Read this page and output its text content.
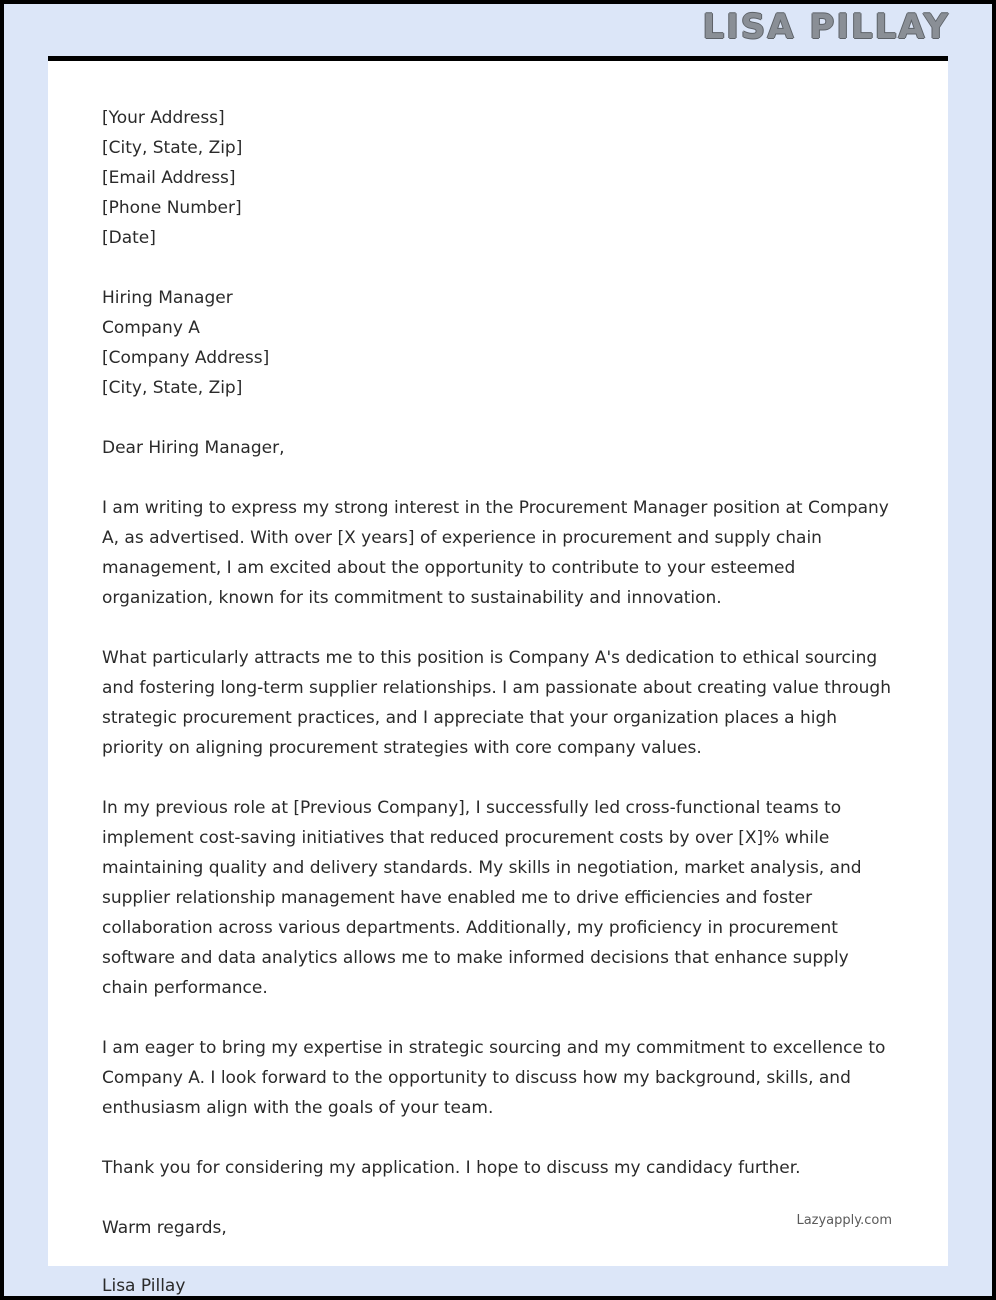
LISA PILLAY
[Your Address]
[City, State, Zip]
[Email Address]
[Phone Number]
[Date]
Hiring Manager
Company A
[Company Address]
[City, State, Zip]
Dear Hiring Manager,

I am writing to express my strong interest in the Procurement Manager position at Company A, as advertised. With over [X years] of experience in procurement and supply chain management, I am excited about the opportunity to contribute to your esteemed organization, known for its commitment to sustainability and innovation.

What particularly attracts me to this position is Company A's dedication to ethical sourcing and fostering long-term supplier relationships. I am passionate about creating value through strategic procurement practices, and I appreciate that your organization places a high priority on aligning procurement strategies with core company values.

In my previous role at [Previous Company], I successfully led cross-functional teams to implement cost-saving initiatives that reduced procurement costs by over [X]% while maintaining quality and delivery standards. My skills in negotiation, market analysis, and supplier relationship management have enabled me to drive efficiencies and foster collaboration across various departments. Additionally, my proficiency in procurement software and data analytics allows me to make informed decisions that enhance supply chain performance.

I am eager to bring my expertise in strategic sourcing and my commitment to excellence to Company A. I look forward to the opportunity to discuss how my background, skills, and enthusiasm align with the goals of your team.

Thank you for considering my application. I hope to discuss my candidacy further.

Warm regards,	Lazyapply.com
Lisa Pillay
